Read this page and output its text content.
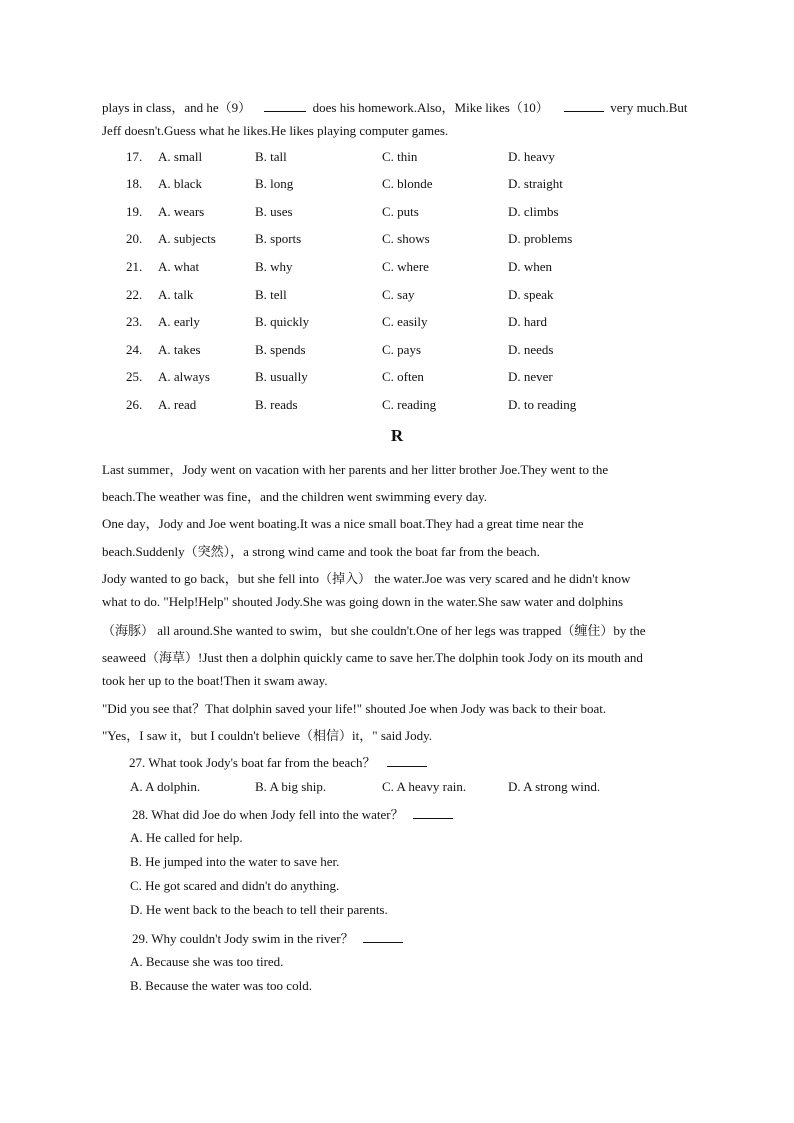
plays in class，and he（9）	does his homework.Also，Mike likes（10）	very much.But
Jeff doesn't.Guess what he likes.He likes playing computer games.
17. A. small	B. tall	C. thin	D. heavy
18. A. black	B. long	C. blonde	D. straight
19. A. wears	B. uses	C. puts	D. climbs
20. A. subjects	B. sports	C. shows	D. problems
21. A. what	B. why	C. where	D. when
22. A. talk	B. tell	C. say	D. speak
23. A. early	B. quickly	C. easily	D. hard
24. A. takes	B. spends	C. pays	D. needs
25. A. always	B. usually	C. often	D. never
26. A. read	B. reads	C. reading	D. to reading
R
Last summer，Jody went on vacation with her parents and her litter brother Joe.They went to the
beach.The weather was fine，and the children went swimming every day.
One day，Jody and Joe went boating.It was a nice small boat.They had a great time near the
beach.Suddenly（突然），a strong wind came and took the boat far from the beach.
Jody wanted to go back，but she fell into（掉入） the water.Joe was very scared and he didn't know
what to do. "Help!Help" shouted Jody.She was going down in the water.She saw water and dolphins
（海豚） all around.She wanted to swim，but she couldn't.One of her legs was trapped（缠住）by the
seaweed（海草）!Just then a dolphin quickly came to save her.The dolphin took Jody on its mouth and
took her up to the boat!Then it swam away.
"Did you see that？That dolphin saved your life!" shouted Joe when Jody was back to their boat.
"Yes，I saw it，but I couldn't believe（相信）it，" said Jody.
27. What took Jody's boat far from the beach？
A. A dolphin.	B. A big ship.	C. A heavy rain.	D. A strong wind.
28. What did Joe do when Jody fell into the water？
A. He called for help.
B. He jumped into the water to save her.
C. He got scared and didn't do anything.
D. He went back to the beach to tell their parents.
29. Why couldn't Jody swim in the river？
A. Because she was too tired.
B. Because the water was too cold.
